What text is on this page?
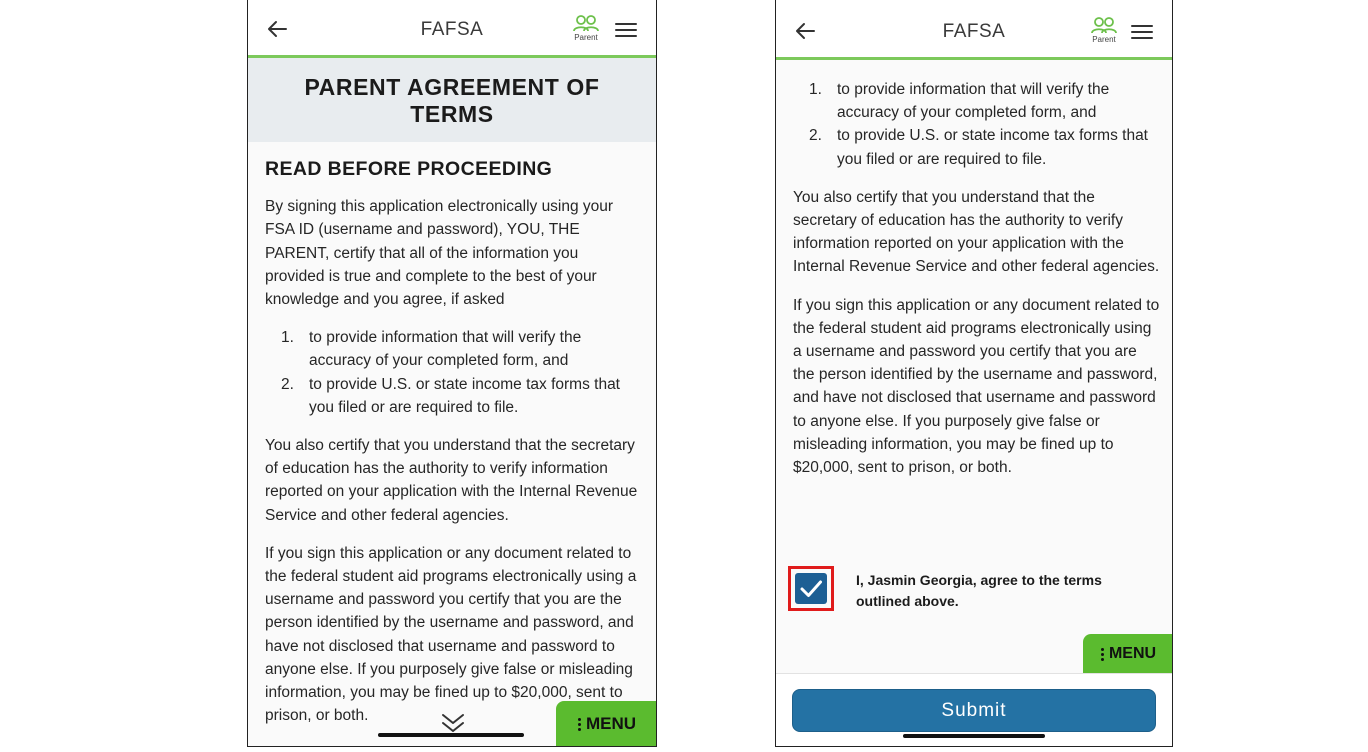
READ BEFORE PROCEEDING

By signing this application electronically using your FSA ID (username and password), YOU, THE PARENT, certify that all of the information you provided is true and complete to the best of your knowledge and you agree, if asked

1. to provide information that will verify the accuracy of your completed form, and
2. to provide U.S. or state income tax forms that you filed or are required to file.

You also certify that you understand that the secretary of education has the authority to verify information reported on your application with the Internal Revenue Service and other federal agencies.

If you sign this application or any document related to the federal student aid programs electronically using a username and password you certify that you are the person identified by the username and password, and have not disclosed that username and password to anyone else. If you purposely give false or misleading information, you may be fined up to $20,000, sent to prison, or both.

PARENT AGREEMENT OF TERMS
FAFSA	Parent
MENU
1. to provide information that will verify the accuracy of your completed form, and
2. to provide U.S. or state income tax forms that you filed or are required to file.

You also certify that you understand that the secretary of education has the authority to verify information reported on your application with the Internal Revenue Service and other federal agencies.

If you sign this application or any document related to the federal student aid programs electronically using a username and password you certify that you are the person identified by the username and password, and have not disclosed that username and password to anyone else. If you purposely give false or misleading information, you may be fined up to $20,000, sent to prison, or both.

FAFSA	Parent
I, Jasmin Georgia, agree to the terms outlined above.
MENU
Submit
